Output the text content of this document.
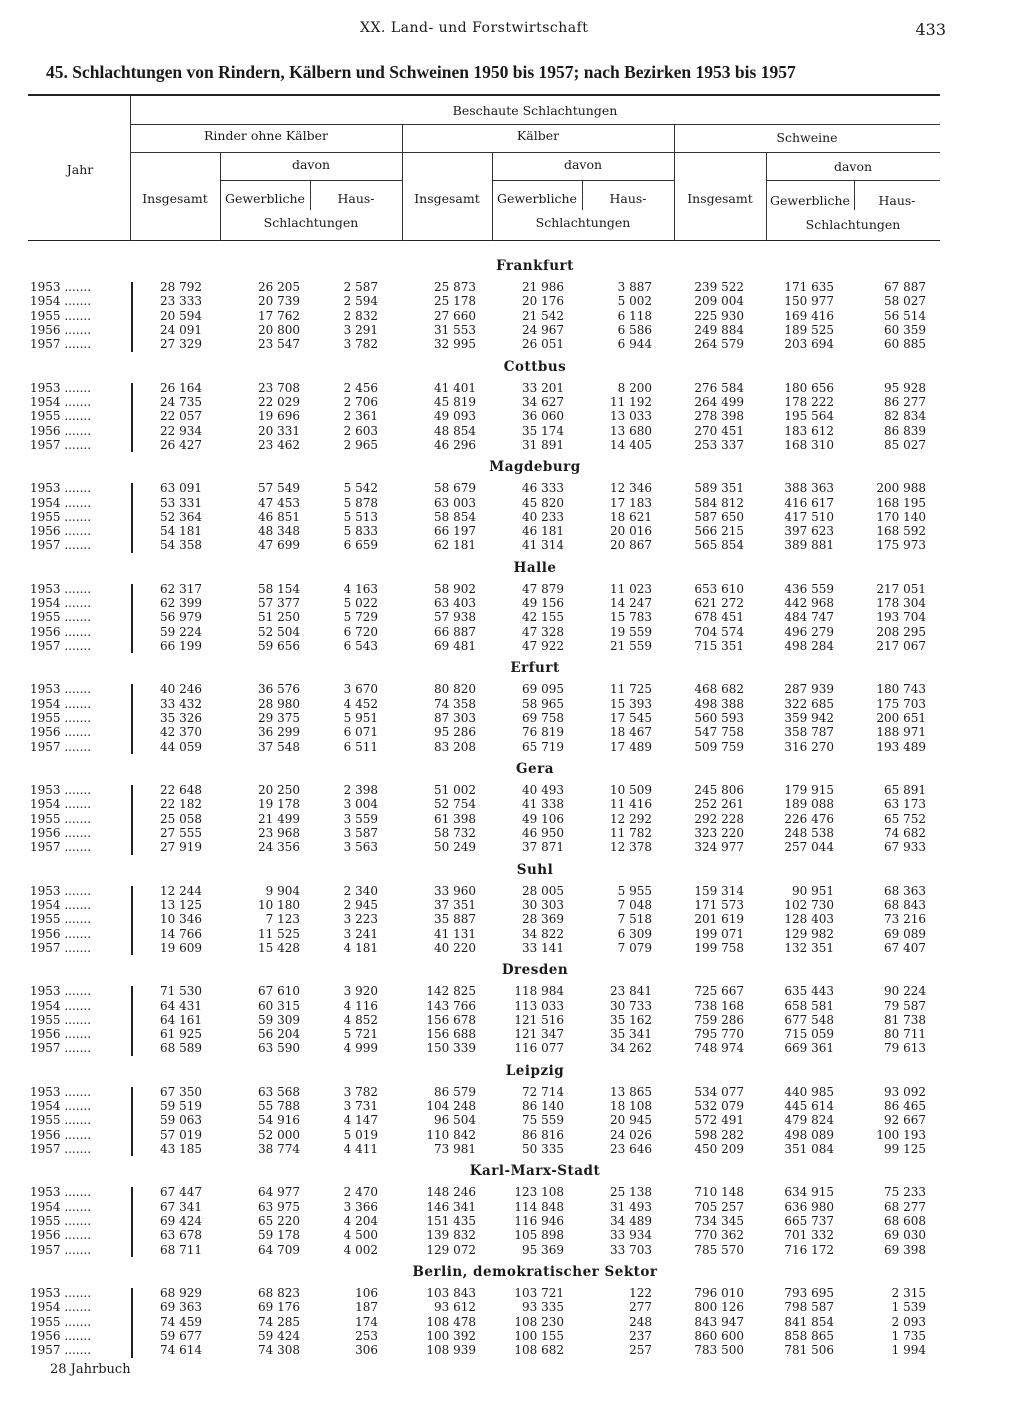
XX. Land- und Forstwirtschaft	433
45. Schlachtungen von Rindern, Kälbern und Schweinen 1950 bis 1957; nach Bezirken 1953 bis 1957
Jahr
Beschaute Schlachtungen
Rinder ohne Kälber	Kälber	Schweine
davon	davon	davon
Insgesamt	Insgesamt	Insgesamt
Gewerbliche	Gewerbliche	Gewerbliche
Haus-	Haus-	Haus-
Schlachtungen	Schlachtungen	Schlachtungen
Frankfurt
1953 .......	28 792	26 205	2 587	25 873	21 986	3 887	239 522	171 635	67 887
1954 .......	23 333	20 739	2 594	25 178	20 176	5 002	209 004	150 977	58 027
1955 .......	20 594	17 762	2 832	27 660	21 542	6 118	225 930	169 416	56 514
1956 .......	24 091	20 800	3 291	31 553	24 967	6 586	249 884	189 525	60 359
1957 .......	27 329	23 547	3 782	32 995	26 051	6 944	264 579	203 694	60 885
Cottbus
1953 .......	26 164	23 708	2 456	41 401	33 201	8 200	276 584	180 656	95 928
1954 .......	24 735	22 029	2 706	45 819	34 627	11 192	264 499	178 222	86 277
1955 .......	22 057	19 696	2 361	49 093	36 060	13 033	278 398	195 564	82 834
1956 .......	22 934	20 331	2 603	48 854	35 174	13 680	270 451	183 612	86 839
1957 .......	26 427	23 462	2 965	46 296	31 891	14 405	253 337	168 310	85 027
Magdeburg
1953 .......	63 091	57 549	5 542	58 679	46 333	12 346	589 351	388 363	200 988
1954 .......	53 331	47 453	5 878	63 003	45 820	17 183	584 812	416 617	168 195
1955 .......	52 364	46 851	5 513	58 854	40 233	18 621	587 650	417 510	170 140
1956 .......	54 181	48 348	5 833	66 197	46 181	20 016	566 215	397 623	168 592
1957 .......	54 358	47 699	6 659	62 181	41 314	20 867	565 854	389 881	175 973
Halle
1953 .......	62 317	58 154	4 163	58 902	47 879	11 023	653 610	436 559	217 051
1954 .......	62 399	57 377	5 022	63 403	49 156	14 247	621 272	442 968	178 304
1955 .......	56 979	51 250	5 729	57 938	42 155	15 783	678 451	484 747	193 704
1956 .......	59 224	52 504	6 720	66 887	47 328	19 559	704 574	496 279	208 295
1957 .......	66 199	59 656	6 543	69 481	47 922	21 559	715 351	498 284	217 067
Erfurt
1953 .......	40 246	36 576	3 670	80 820	69 095	11 725	468 682	287 939	180 743
1954 .......	33 432	28 980	4 452	74 358	58 965	15 393	498 388	322 685	175 703
1955 .......	35 326	29 375	5 951	87 303	69 758	17 545	560 593	359 942	200 651
1956 .......	42 370	36 299	6 071	95 286	76 819	18 467	547 758	358 787	188 971
1957 .......	44 059	37 548	6 511	83 208	65 719	17 489	509 759	316 270	193 489
Gera
1953 .......	22 648	20 250	2 398	51 002	40 493	10 509	245 806	179 915	65 891
1954 .......	22 182	19 178	3 004	52 754	41 338	11 416	252 261	189 088	63 173
1955 .......	25 058	21 499	3 559	61 398	49 106	12 292	292 228	226 476	65 752
1956 .......	27 555	23 968	3 587	58 732	46 950	11 782	323 220	248 538	74 682
1957 .......	27 919	24 356	3 563	50 249	37 871	12 378	324 977	257 044	67 933
Suhl
1953 .......	12 244	9 904	2 340	33 960	28 005	5 955	159 314	90 951	68 363
1954 .......	13 125	10 180	2 945	37 351	30 303	7 048	171 573	102 730	68 843
1955 .......	10 346	7 123	3 223	35 887	28 369	7 518	201 619	128 403	73 216
1956 .......	14 766	11 525	3 241	41 131	34 822	6 309	199 071	129 982	69 089
1957 .......	19 609	15 428	4 181	40 220	33 141	7 079	199 758	132 351	67 407
Dresden
1953 .......	71 530	67 610	3 920	142 825	118 984	23 841	725 667	635 443	90 224
1954 .......	64 431	60 315	4 116	143 766	113 033	30 733	738 168	658 581	79 587
1955 .......	64 161	59 309	4 852	156 678	121 516	35 162	759 286	677 548	81 738
1956 .......	61 925	56 204	5 721	156 688	121 347	35 341	795 770	715 059	80 711
1957 .......	68 589	63 590	4 999	150 339	116 077	34 262	748 974	669 361	79 613
Leipzig
1953 .......	67 350	63 568	3 782	86 579	72 714	13 865	534 077	440 985	93 092
1954 .......	59 519	55 788	3 731	104 248	86 140	18 108	532 079	445 614	86 465
1955 .......	59 063	54 916	4 147	96 504	75 559	20 945	572 491	479 824	92 667
1956 .......	57 019	52 000	5 019	110 842	86 816	24 026	598 282	498 089	100 193
1957 .......	43 185	38 774	4 411	73 981	50 335	23 646	450 209	351 084	99 125
Karl-Marx-Stadt
1953 .......	67 447	64 977	2 470	148 246	123 108	25 138	710 148	634 915	75 233
1954 .......	67 341	63 975	3 366	146 341	114 848	31 493	705 257	636 980	68 277
1955 .......	69 424	65 220	4 204	151 435	116 946	34 489	734 345	665 737	68 608
1956 .......	63 678	59 178	4 500	139 832	105 898	33 934	770 362	701 332	69 030
1957 .......	68 711	64 709	4 002	129 072	95 369	33 703	785 570	716 172	69 398
Berlin, demokratischer Sektor
1953 .......	68 929	68 823	106	103 843	103 721	122	796 010	793 695	2 315
1954 .......	69 363	69 176	187	93 612	93 335	277	800 126	798 587	1 539
1955 .......	74 459	74 285	174	108 478	108 230	248	843 947	841 854	2 093
1956 .......	59 677	59 424	253	100 392	100 155	237	860 600	858 865	1 735
1957 .......	74 614	74 308	306	108 939	108 682	257	783 500	781 506	1 994
28 Jahrbuch
